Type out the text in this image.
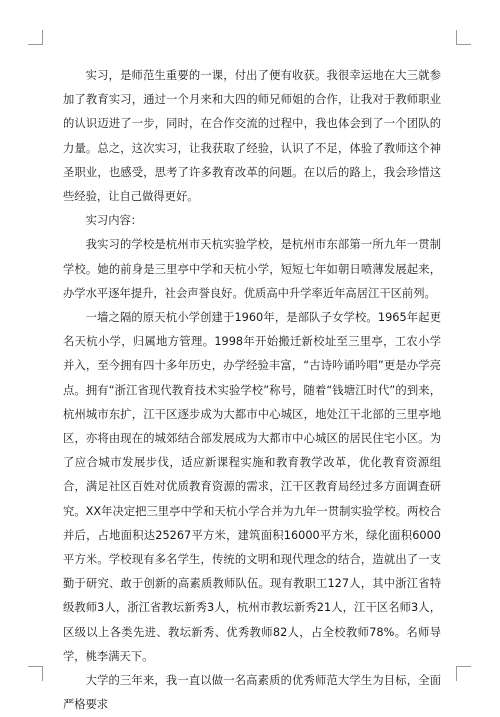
实习，是师范生重要的一课，付出了便有收获。我很幸运地在大三就参加了教育实习，通过一个月来和大四的师兄师姐的合作，让我对于教师职业的认识迈进了一步，同时，在合作交流的过程中，我也体会到了一个团队的力量。总之，这次实习，让我获取了经验，认识了不足，体验了教师这个神圣职业，也感受，思考了许多教育改革的问题。在以后的路上，我会珍惜这些经验，让自己做得更好。

实习内容：

我实习的学校是杭州市天杭实验学校，是杭州市东部第一所九年一贯制学校。她的前身是三里亭中学和天杭小学，短短七年如朝日喷薄发展起来，办学水平逐年提升，社会声誉良好。优质高中升学率近年高居江干区前列。

一墙之隔的原天杭小学创建于1960年，是部队子女学校。1965年起更名天杭小学，归属地方管理。1998年开始搬迁新校址至三里亭，工农小学并入，至今拥有四十多年历史，办学经验丰富，“古诗吟诵吟唱”更是办学亮点。拥有“浙江省现代教育技术实验学校”称号，随着“钱塘江时代”的到来，杭州城市东扩，江干区逐步成为大都市中心城区，地处江干北部的三里亭地区，亦将由现在的城郊结合部发展成为大都市中心城区的居民住宅小区。为了应合城市发展步伐，适应新课程实施和教育教学改革，优化教育资源组合，满足社区百姓对优质教育资源的需求，江干区教育局经过多方面调查研究。XX年决定把三里亭中学和天杭小学合并为九年一贯制实验学校。两校合并后，占地面积达25267平方米，建筑面积16000平方米，绿化面积6000平方米。学校现有多名学生，传统的文明和现代理念的结合，造就出了一支勤于研究、敢于创新的高素质教师队伍。现有教职工127人，其中浙江省特级教师3人，浙江省教坛新秀3人，杭州市教坛新秀21人，江干区名师3人，区级以上各类先进、教坛新秀、优秀教师82人，占全校教师78%。名师导学，桃李满天下。

大学的三年来，我一直以做一名高素质的优秀师范大学生为目标，全面严格要求
